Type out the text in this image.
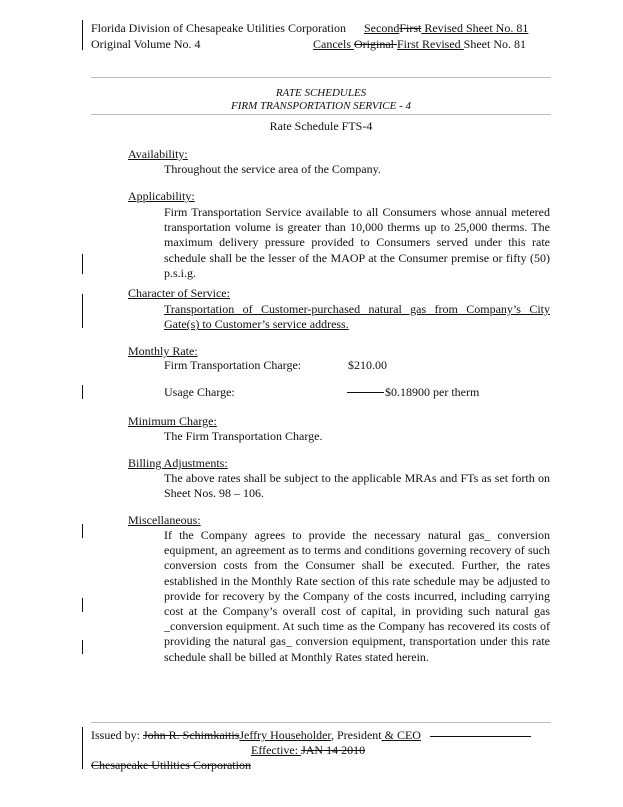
Florida Division of Chesapeake Utilities Corporation SecondFirst Revised Sheet No. 81
Original Volume No. 4	Cancels Original First Revised Sheet No. 81
RATE SCHEDULES
FIRM TRANSPORTATION SERVICE - 4
Rate Schedule FTS-4
Availability:
Throughout the service area of the Company.
Applicability:
Firm Transportation Service available to all Consumers whose annual metered transportation volume is greater than 10,000 therms up to 25,000 therms. The maximum delivery pressure provided to Consumers served under this rate schedule shall be the lesser of the MAOP at the Consumer premise or fifty (50) p.s.i.g.
Character of Service:
Transportation of Customer-purchased natural gas from Company’s City Gate(s) to Customer’s service address.
Monthly Rate:
Firm Transportation Charge:	$210.00
Usage Charge:	$0.18900 per therm
Minimum Charge:
The Firm Transportation Charge.
Billing Adjustments:
The above rates shall be subject to the applicable MRAs and FTs as set forth on Sheet Nos. 98 – 106.
Miscellaneous:
If the Company agrees to provide the necessary natural gas_ conversion equipment, an agreement as to terms and conditions governing recovery of such conversion costs from the Consumer shall be executed. Further, the rates established in the Monthly Rate section of this rate schedule may be adjusted to provide for recovery by the Company of the costs incurred, including carrying cost at the Company’s overall cost of capital, in providing such natural gas _conversion equipment. At such time as the Company has recovered its costs of providing the natural gas_ conversion equipment, transportation under this rate schedule shall be billed at Monthly Rates stated herein.
Issued by: John R. SchimkaitisJeffry Householder, President & CEO
Effective: JAN 14 2010
Chesapeake Utilities Corporation
